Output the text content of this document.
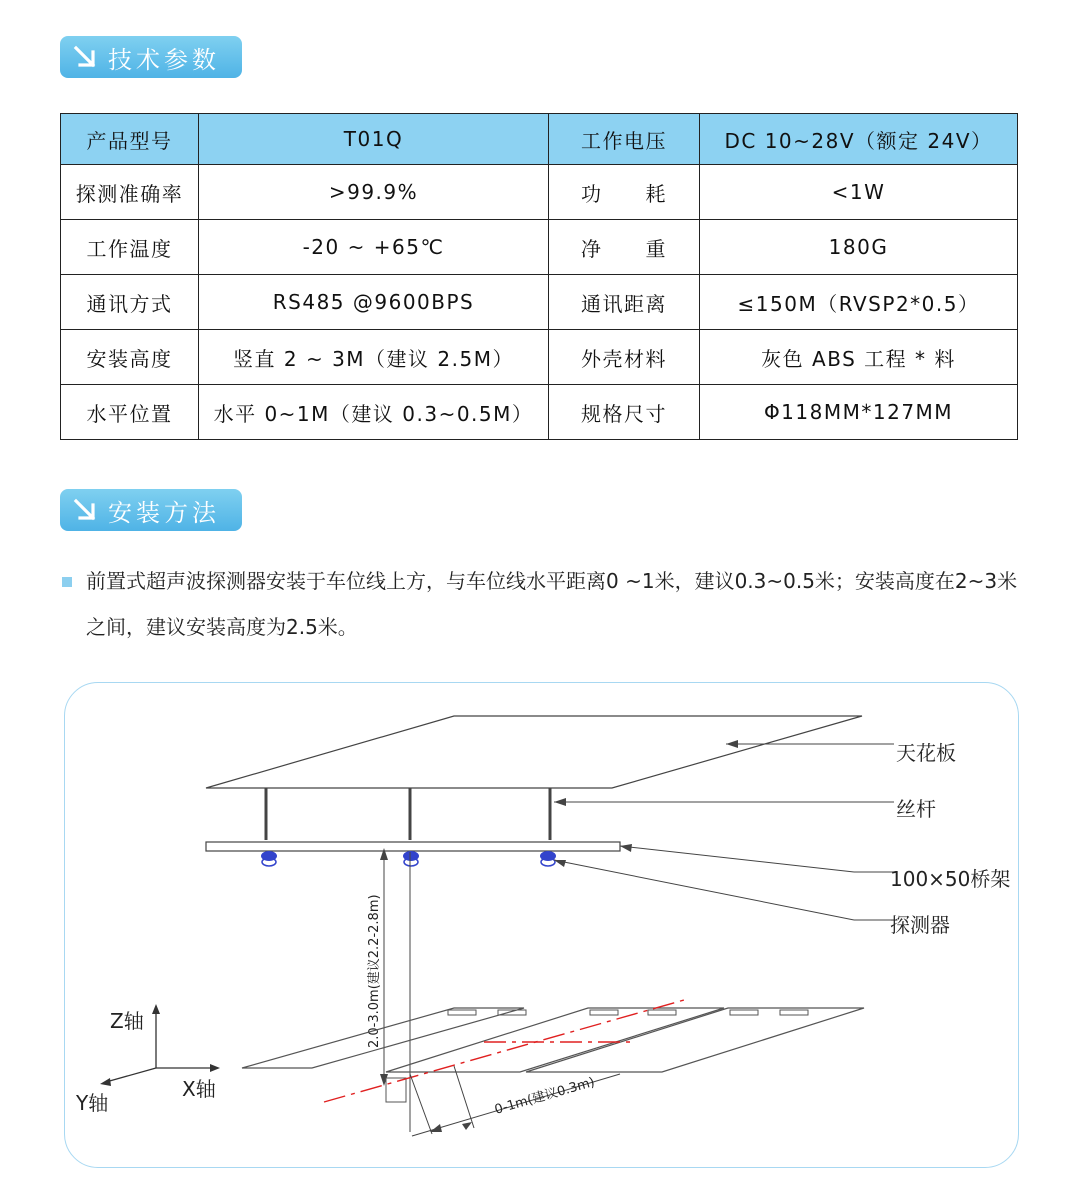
技术参数
产品型号	T01Q	工作电压	DC 10~28V（额定 24V）
探测准确率	>99.9%	功　　耗	<1W
工作温度	-20 ~ +65℃	净　　重	180G
通讯方式	RS485 @9600BPS	通讯距离	≤150M（RVSP2*0.5）
安装高度	竖直 2 ~ 3M（建议 2.5M）	外壳材料	灰色 ABS 工程 * 料
水平位置	水平 0~1M（建议 0.3~0.5M）	规格尺寸	Φ118MM*127MM
安装方法
前置式超声波探测器安装于车位线上方，与车位线水平距离0 ~1米，建议0.3~0.5米；安装高度在2~3米之间，建议安装高度为2.5米。
天花板
丝杆
100×50桥架
探测器
2.0-3.0m(建议2.2-2.8m)
0-1m(建议0.3m)
Z轴
X轴
Y轴
